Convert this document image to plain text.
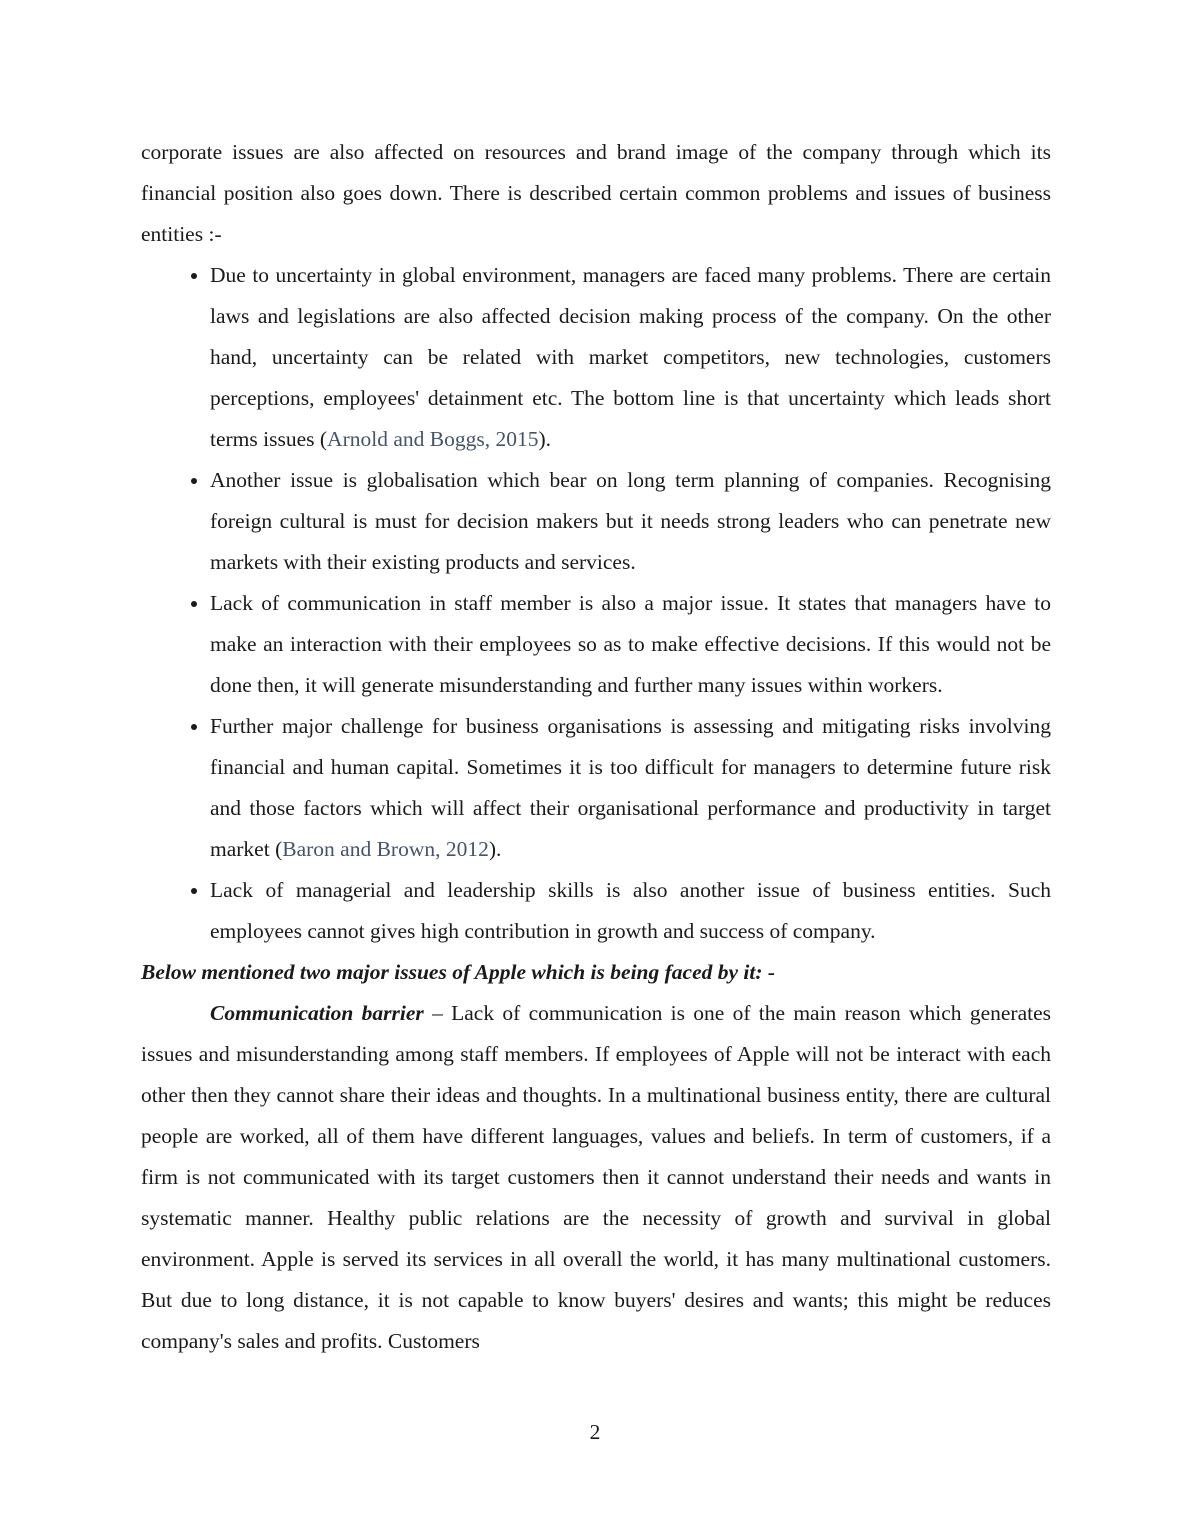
corporate issues are also affected on resources and brand image of the company through which its financial position also goes down. There is described certain common problems and issues of business entities :-

• Due to uncertainty in global environment, managers are faced many problems. There are certain laws and legislations are also affected decision making process of the company. On the other hand, uncertainty can be related with market competitors, new technologies, customers perceptions, employees' detainment etc. The bottom line is that uncertainty which leads short terms issues (Arnold and Boggs, 2015).
• Another issue is globalisation which bear on long term planning of companies. Recognising foreign cultural is must for decision makers but it needs strong leaders who can penetrate new markets with their existing products and services.
• Lack of communication in staff member is also a major issue. It states that managers have to make an interaction with their employees so as to make effective decisions. If this would not be done then, it will generate misunderstanding and further many issues within workers.
• Further major challenge for business organisations is assessing and mitigating risks involving financial and human capital. Sometimes it is too difficult for managers to determine future risk and those factors which will affect their organisational performance and productivity in target market (Baron and Brown, 2012).
• Lack of managerial and leadership skills is also another issue of business entities. Such employees cannot gives high contribution in growth and success of company.

Below mentioned two major issues of Apple which is being faced by it: -

Communication barrier – Lack of communication is one of the main reason which generates issues and misunderstanding among staff members. If employees of Apple will not be interact with each other then they cannot share their ideas and thoughts. In a multinational business entity, there are cultural people are worked, all of them have different languages, values and beliefs. In term of customers, if a firm is not communicated with its target customers then it cannot understand their needs and wants in systematic manner. Healthy public relations are the necessity of growth and survival in global environment. Apple is served its services in all overall the world, it has many multinational customers. But due to long distance, it is not capable to know buyers' desires and wants; this might be reduces company's sales and profits. Customers

2
